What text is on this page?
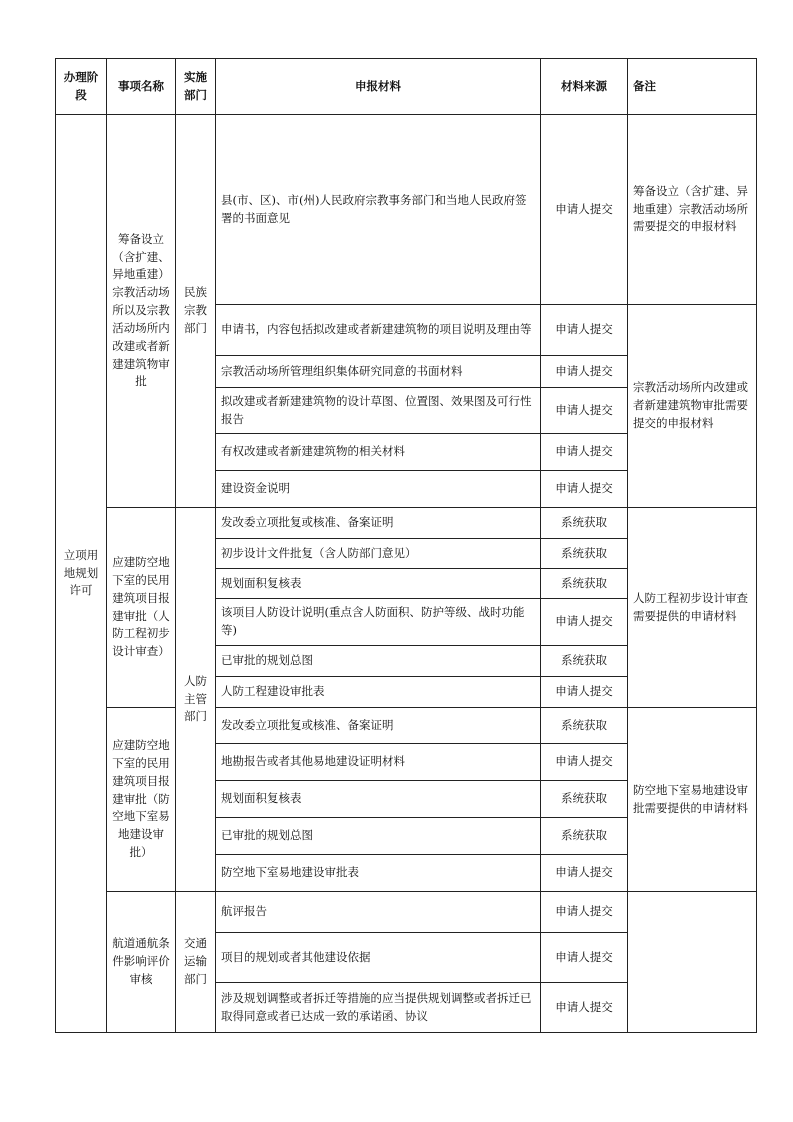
办理阶段	事项名称	实施部门	申报材料	材料来源	备注
立项用地规划许可	筹备设立（含扩建、异地重建）宗教活动场所以及宗教活动场所内改建或者新建建筑物审批	民族宗教部门	县(市、区)、市(州)人民政府宗教事务部门和当地人民政府签署的书面意见	申请人提交	筹备设立（含扩建、异地重建）宗教活动场所需要提交的申报材料
			申请书，内容包括拟改建或者新建建筑物的项目说明及理由等	申请人提交	宗教活动场所内改建或者新建建筑物审批需要提交的申报材料
			宗教活动场所管理组织集体研究同意的书面材料	申请人提交	
			拟改建或者新建建筑物的设计草图、位置图、效果图及可行性报告	申请人提交	
			有权改建或者新建建筑物的相关材料	申请人提交	
			建设资金说明	申请人提交	
	应建防空地下室的民用建筑项目报建审批（人防工程初步设计审查）	人防主管部门	发改委立项批复或核准、备案证明	系统获取	人防工程初步设计审查需要提供的申请材料
			初步设计文件批复（含人防部门意见）	系统获取	
			规划面积复核表	系统获取	
			该项目人防设计说明(重点含人防面积、防护等级、战时功能等)	申请人提交	
			已审批的规划总图	系统获取	
			人防工程建设审批表	申请人提交	
	应建防空地下室的民用建筑项目报建审批（防空地下室易地建设审批）		发改委立项批复或核准、备案证明	系统获取	防空地下室易地建设审批需要提供的申请材料
			地勘报告或者其他易地建设证明材料	申请人提交	
			规划面积复核表	系统获取	
			已审批的规划总图	系统获取	
			防空地下室易地建设审批表	申请人提交	
	航道通航条件影响评价审核	交通运输部门	航评报告	申请人提交	
			项目的规划或者其他建设依据	申请人提交	
			涉及规划调整或者拆迁等措施的应当提供规划调整或者拆迁已取得同意或者已达成一致的承诺函、协议	申请人提交	
